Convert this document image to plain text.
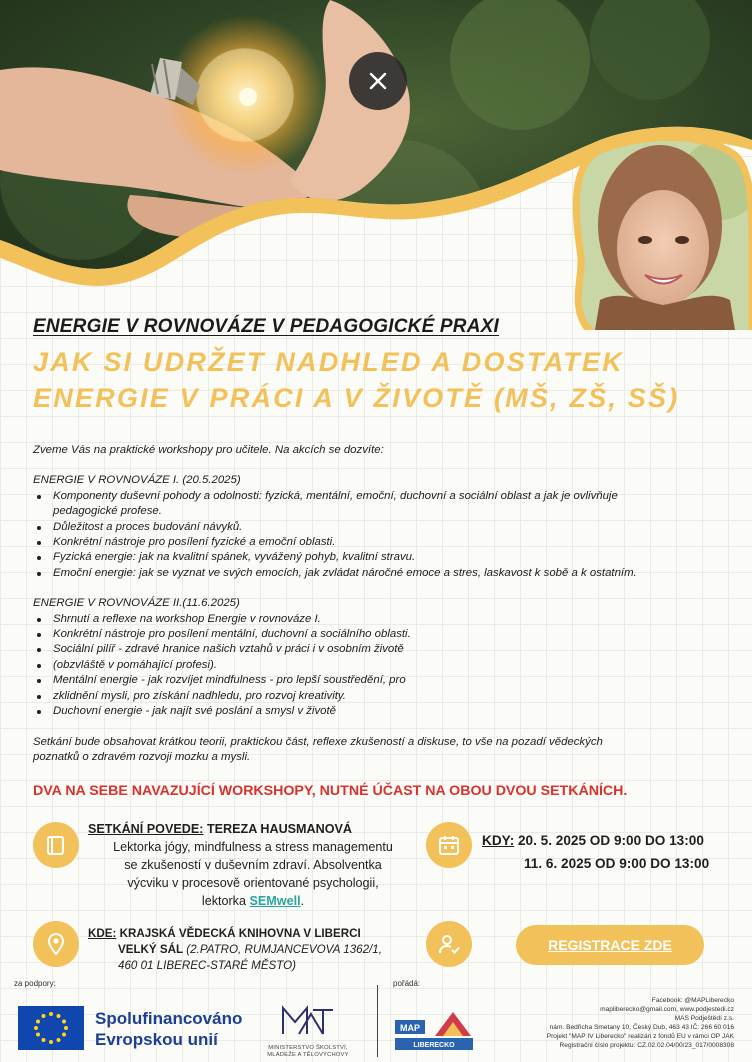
ENERGIE V ROVNOVÁZE V PEDAGOGICKÉ PRAXI
JAK SI UDRŽET NADHLED A DOSTATEK
ENERGIE V PRÁCI A V ŽIVOTĚ (MŠ, ZŠ, SŠ)

Zveme Vás na praktické workshopy pro učitele. Na akcích se dozvíte:

ENERGIE V ROVNOVÁZE I. (20.5.2025)

Komponenty duševní pohody a odolnosti: fyzická, mentální, emoční, duchovní a sociální oblast a jak je ovlivňuje
pedagogické profese.
Důležitost a proces budování návyků.
Konkrétní nástroje pro posílení fyzické a emoční oblasti.
Fyzická energie: jak na kvalitní spánek, vyvážený pohyb, kvalitní stravu.
Emoční energie: jak se vyznat ve svých emocích, jak zvládat náročné emoce a stres, laskavost k sobě a k ostatním.

ENERGIE V ROVNOVÁZE II.(11.6.2025)

Shrnutí a reflexe na workshop Energie v rovnováze I.
Konkrétní nástroje pro posílení mentální, duchovní a sociálního oblasti.
Sociální pilíř - zdravé hranice našich vztahů v práci i v osobním životě
(obzvláště v pomáhající profesi).
Mentální energie - jak rozvíjet mindfulness - pro lepší soustředění, pro
zklidnění mysli, pro získání nadhledu, pro rozvoj kreativity.
Duchovní energie - jak najít své poslání a smysl v životě

Setkání bude obsahovat krátkou teorii, praktickou část, reflexe zkušeností a diskuse, to vše na pozadí vědeckých

poznatků o zdravém rozvoji mozku a mysli.

DVA NA SEBE NAVAZUJÍCÍ WORKSHOPY, NUTNÉ ÚČAST NA OBOU DVOU SETKÁNÍCH.
SETKÁNÍ POVEDE: TEREZA HAUSMANOVÁ
Lektorka jógy, mindfulness a stress managementu
se zkušeností v duševním zdraví. Absolventka
výcviku v procesově orientované psychologii,
lektorka SEMwell.
KDY: 20. 5. 2025 OD 9:00 DO 13:00
11. 6. 2025 OD 9:00 DO 13:00
KDE: KRAJSKÁ VĚDECKÁ KNIHOVNA V LIBERCI
VELKÝ SÁL (2.PATRO, RUMJANCEVOVA 1362/1,
460 01 LIBEREC-STARÉ MĚSTO)
REGISTRACE ZDE
za podpory:	pořádá:
Spolufinancováno
Evropskou unií	MINISTERSTVO ŠKOLSTVÍ,
MLÁDEŽE A TĚLOVÝCHOVY
MAP
LIBERECKO
Facebook: @MAPLiberecko
mapliberecko@gmail.com, www.podjestedi.cz
MAS Podještědí z.s.
nám. Bedřicha Smetany 10, Český Dub, 463 43 IČ: 266 60 016
Projekt "MAP IV Liberecko" realizán z fondů EU v rámci OP JAK
Registrační číslo projektu: CZ.02.02.04/00/23_017/0008308
